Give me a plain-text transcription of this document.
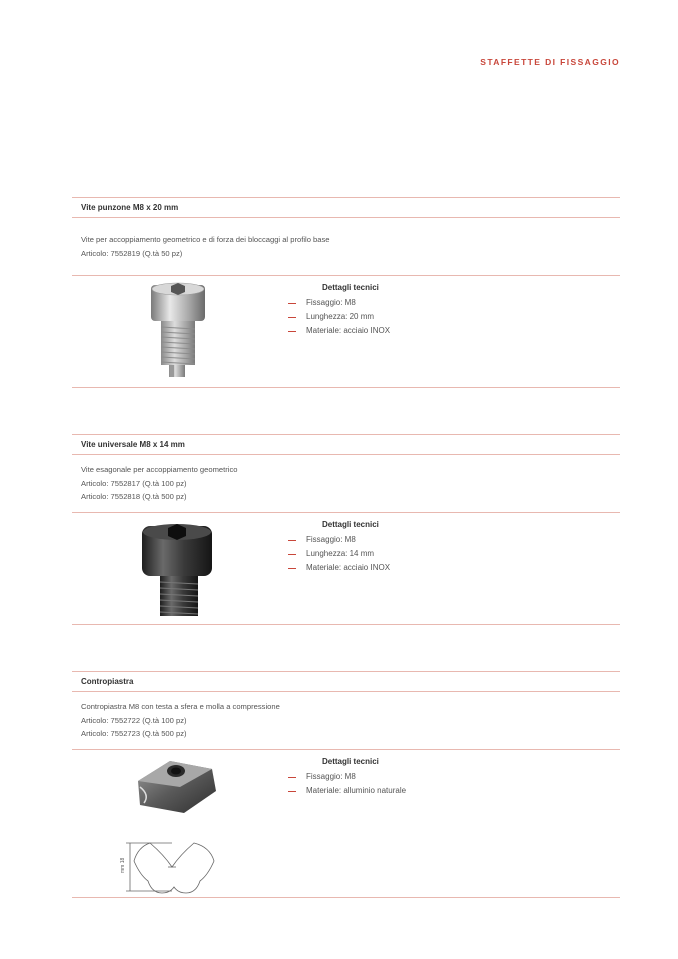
STAFFETTE DI FISSAGGIO
Vite punzone M8 x 20 mm
Vite per accoppiamento geometrico e di forza dei bloccaggi al profilo base
Articolo: 7552819 (Q.tà 50 pz)
Dettagli tecnici
Fissaggio: M8
Lunghezza: 20 mm
Materiale: acciaio INOX
Vite universale M8 x 14 mm
Vite esagonale per accoppiamento geometrico
Articolo: 7552817 (Q.tà 100 pz)
Articolo: 7552818 (Q.tà 500 pz)
Dettagli tecnici
Fissaggio: M8
Lunghezza: 14 mm
Materiale: acciaio INOX
Contropiastra
Contropiastra M8 con testa a sfera e molla a compressione
Articolo: 7552722 (Q.tà 100 pz)
Articolo: 7552723 (Q.tà 500 pz)
mm 18
Dettagli tecnici
Fissaggio: M8
Materiale: alluminio naturale
